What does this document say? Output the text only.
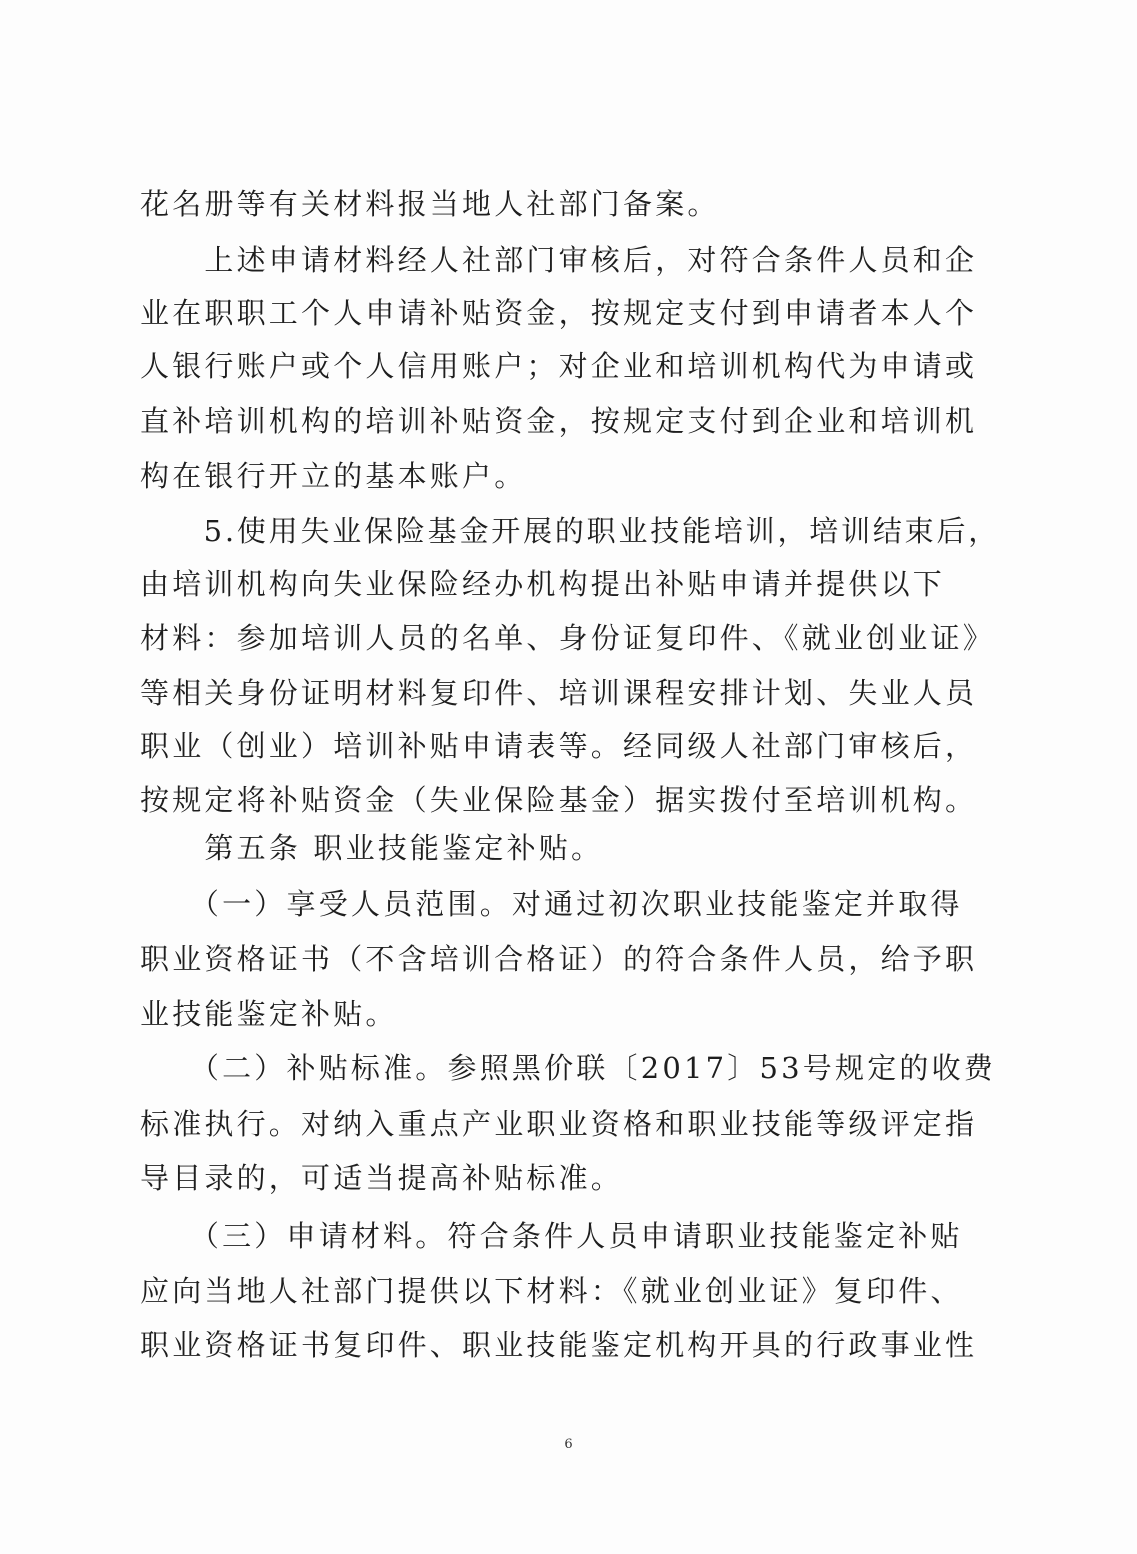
花名册等有关材料报当地人社部门备案。
　　上述申请材料经人社部门审核后，对符合条件人员和企
业在职职工个人申请补贴资金，按规定支付到申请者本人个
人银行账户或个人信用账户；对企业和培训机构代为申请或
直补培训机构的培训补贴资金，按规定支付到企业和培训机
构在银行开立的基本账户。
　　5.使用失业保险基金开展的职业技能培训，培训结束后，
由培训机构向失业保险经办机构提出补贴申请并提供以下
材料：参加培训人员的名单、身份证复印件、《就业创业证》
等相关身份证明材料复印件、培训课程安排计划、失业人员
职业（创业）培训补贴申请表等。经同级人社部门审核后，
按规定将补贴资金（失业保险基金）据实拨付至培训机构。
　　第五条 职业技能鉴定补贴。
　　（一）享受人员范围。对通过初次职业技能鉴定并取得
职业资格证书（不含培训合格证）的符合条件人员，给予职
业技能鉴定补贴。
　　（二）补贴标准。参照黑价联〔2017〕53号规定的收费
标准执行。对纳入重点产业职业资格和职业技能等级评定指
导目录的，可适当提高补贴标准。
　　（三）申请材料。符合条件人员申请职业技能鉴定补贴
应向当地人社部门提供以下材料：《就业创业证》复印件、
职业资格证书复印件、职业技能鉴定机构开具的行政事业性
6
